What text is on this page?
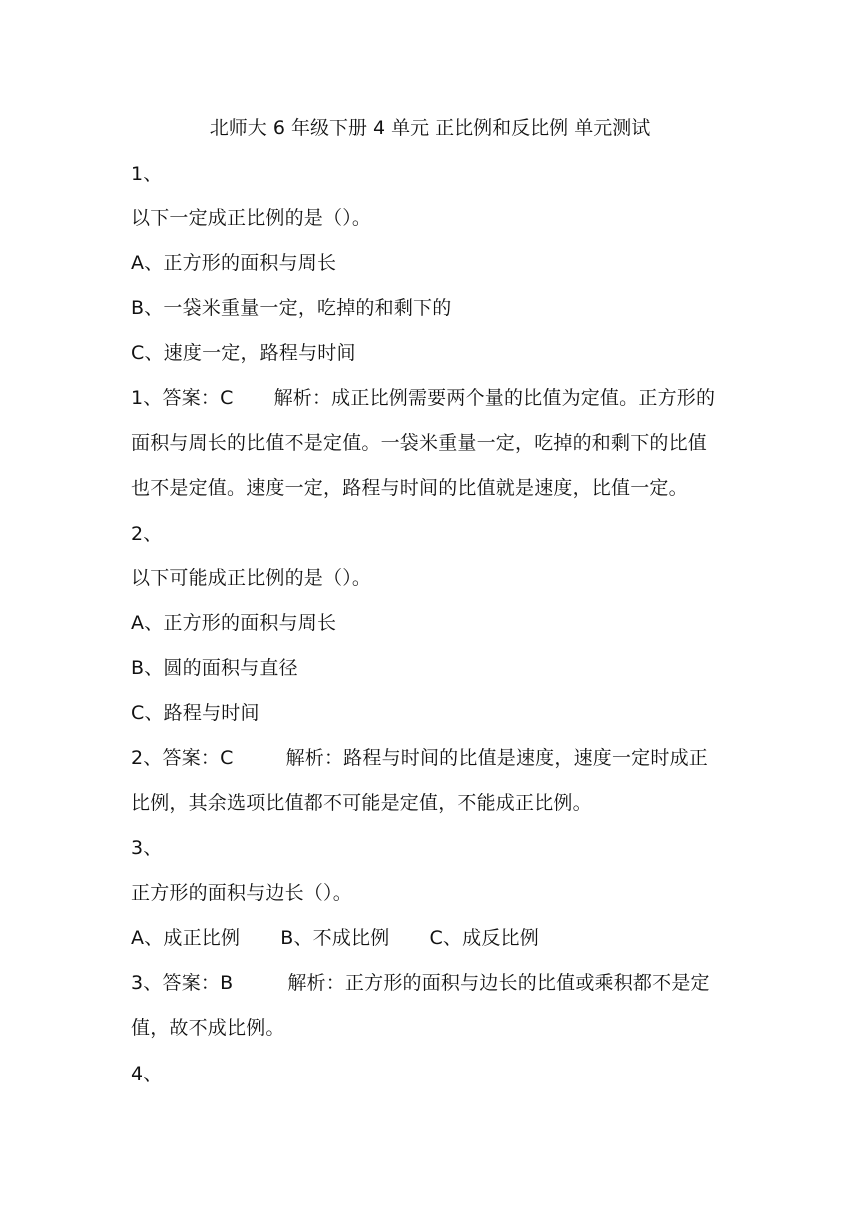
北师大 6 年级下册 4 单元 正比例和反比例 单元测试
1、
以下一定成正比例的是（）。
A、正方形的面积与周长
B、一袋米重量一定，吃掉的和剩下的
C、速度一定，路程与时间
1、答案：C 解析：成正比例需要两个量的比值为定值。正方形的
面积与周长的比值不是定值。一袋米重量一定，吃掉的和剩下的比值
也不是定值。速度一定，路程与时间的比值就是速度，比值一定。
2、
以下可能成正比例的是（）。
A、正方形的面积与周长
B、圆的面积与直径
C、路程与时间
2、答案：C	解析：路程与时间的比值是速度，速度一定时成正
比例，其余选项比值都不可能是定值，不能成正比例。
3、
正方形的面积与边长（）。
A、成正比例 B、不成比例 C、成反比例
3、答案：B	解析：正方形的面积与边长的比值或乘积都不是定
值，故不成比例。
4、
